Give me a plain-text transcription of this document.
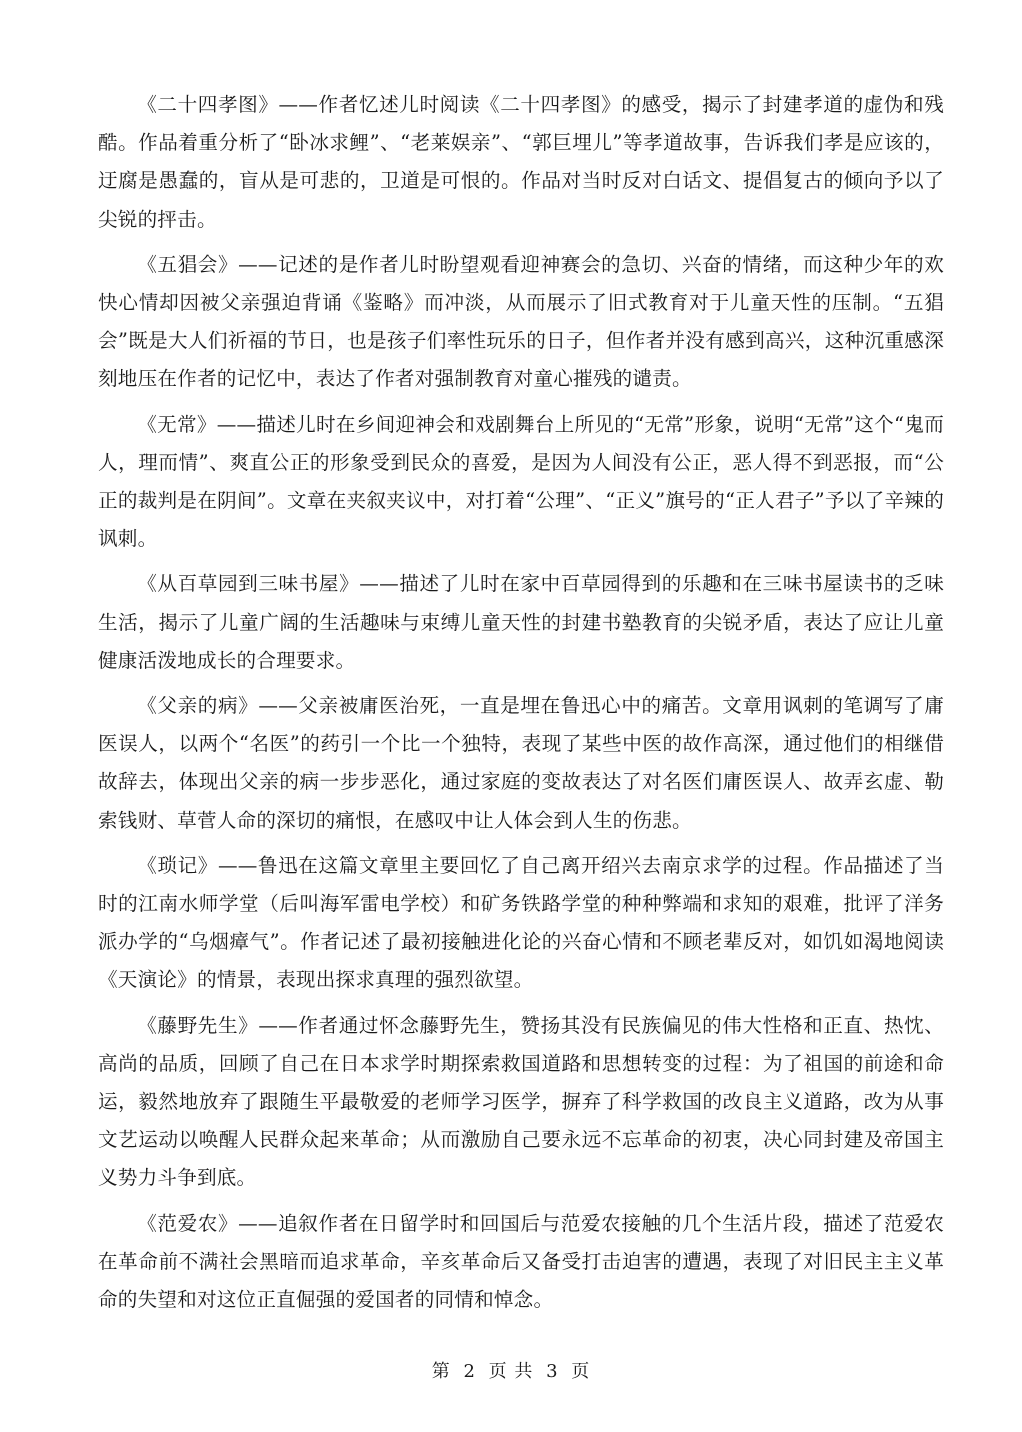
《二十四孝图》——作者忆述儿时阅读《二十四孝图》的感受，揭示了封建孝道的虚伪和残酷。作品着重分析了“卧冰求鲤”、“老莱娱亲”、“郭巨埋儿”等孝道故事，告诉我们孝是应该的，迂腐是愚蠢的，盲从是可悲的，卫道是可恨的。作品对当时反对白话文、提倡复古的倾向予以了尖锐的抨击。

《五猖会》——记述的是作者儿时盼望观看迎神赛会的急切、兴奋的情绪，而这种少年的欢快心情却因被父亲强迫背诵《鉴略》而冲淡，从而展示了旧式教育对于儿童天性的压制。“五猖会”既是大人们祈福的节日，也是孩子们率性玩乐的日子，但作者并没有感到高兴，这种沉重感深刻地压在作者的记忆中，表达了作者对强制教育对童心摧残的谴责。

《无常》——描述儿时在乡间迎神会和戏剧舞台上所见的“无常”形象，说明“无常”这个“鬼而人，理而情”、爽直公正的形象受到民众的喜爱，是因为人间没有公正，恶人得不到恶报，而“公正的裁判是在阴间”。文章在夹叙夹议中，对打着“公理”、“正义”旗号的“正人君子”予以了辛辣的讽刺。

《从百草园到三味书屋》——描述了儿时在家中百草园得到的乐趣和在三味书屋读书的乏味生活，揭示了儿童广阔的生活趣味与束缚儿童天性的封建书塾教育的尖锐矛盾，表达了应让儿童健康活泼地成长的合理要求。

《父亲的病》——父亲被庸医治死，一直是埋在鲁迅心中的痛苦。文章用讽刺的笔调写了庸医误人，以两个“名医”的药引一个比一个独特，表现了某些中医的故作高深，通过他们的相继借故辞去，体现出父亲的病一步步恶化，通过家庭的变故表达了对名医们庸医误人、故弄玄虚、勒索钱财、草菅人命的深切的痛恨，在感叹中让人体会到人生的伤悲。

《琐记》——鲁迅在这篇文章里主要回忆了自己离开绍兴去南京求学的过程。作品描述了当时的江南水师学堂（后叫海军雷电学校）和矿务铁路学堂的种种弊端和求知的艰难，批评了洋务派办学的“乌烟瘴气”。作者记述了最初接触进化论的兴奋心情和不顾老辈反对，如饥如渴地阅读《天演论》的情景，表现出探求真理的强烈欲望。

《藤野先生》——作者通过怀念藤野先生，赞扬其没有民族偏见的伟大性格和正直、热忱、高尚的品质，回顾了自己在日本求学时期探索救国道路和思想转变的过程：为了祖国的前途和命运，毅然地放弃了跟随生平最敬爱的老师学习医学，摒弃了科学救国的改良主义道路，改为从事文艺运动以唤醒人民群众起来革命；从而激励自己要永远不忘革命的初衷，决心同封建及帝国主义势力斗争到底。

《范爱农》——追叙作者在日留学时和回国后与范爱农接触的几个生活片段，描述了范爱农在革命前不满社会黑暗而追求革命，辛亥革命后又备受打击迫害的遭遇，表现了对旧民主主义革命的失望和对这位正直倔强的爱国者的同情和悼念。

第 2 页 共 3 页
